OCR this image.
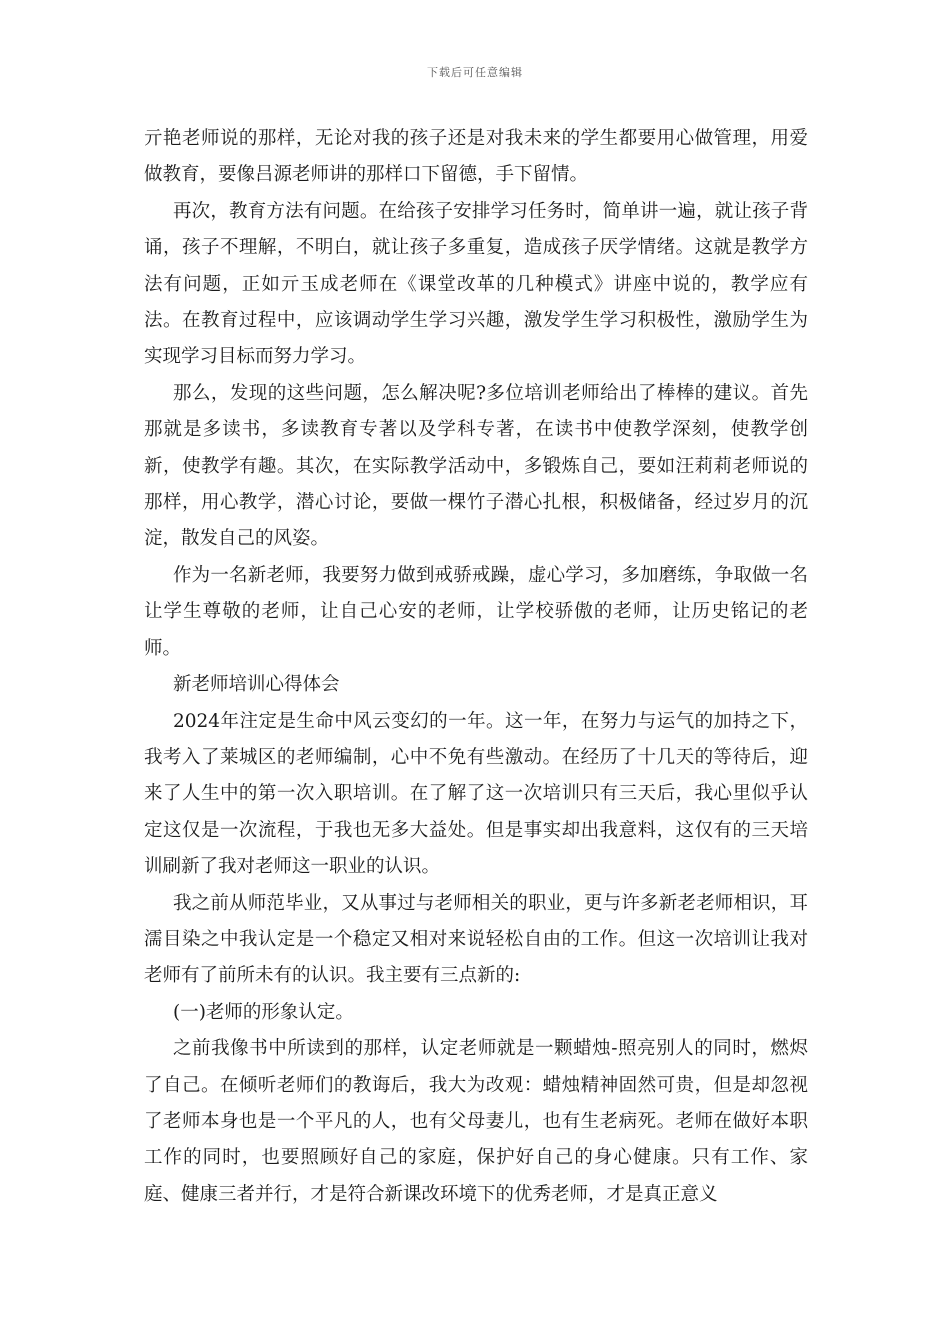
下载后可任意编辑

亓艳老师说的那样，无论对我的孩子还是对我未来的学生都要用心做管理，用爱做教育，要像吕源老师讲的那样口下留德，手下留情。

再次，教育方法有问题。在给孩子安排学习任务时，简单讲一遍，就让孩子背诵，孩子不理解，不明白，就让孩子多重复，造成孩子厌学情绪。这就是教学方法有问题，正如亓玉成老师在《课堂改革的几种模式》讲座中说的，教学应有法。在教育过程中，应该调动学生学习兴趣，激发学生学习积极性，激励学生为实现学习目标而努力学习。

那么，发现的这些问题，怎么解决呢?多位培训老师给出了棒棒的建议。首先那就是多读书，多读教育专著以及学科专著，在读书中使教学深刻，使教学创新，使教学有趣。其次，在实际教学活动中，多锻炼自己，要如汪莉莉老师说的那样，用心教学，潜心讨论，要做一棵竹子潜心扎根，积极储备，经过岁月的沉淀，散发自己的风姿。

作为一名新老师，我要努力做到戒骄戒躁，虚心学习，多加磨练，争取做一名让学生尊敬的老师，让自己心安的老师，让学校骄傲的老师，让历史铭记的老师。

新老师培训心得体会

2024年注定是生命中风云变幻的一年。这一年，在努力与运气的加持之下，我考入了莱城区的老师编制，心中不免有些激动。在经历了十几天的等待后，迎来了人生中的第一次入职培训。在了解了这一次培训只有三天后，我心里似乎认定这仅是一次流程，于我也无多大益处。但是事实却出我意料，这仅有的三天培训刷新了我对老师这一职业的认识。

我之前从师范毕业，又从事过与老师相关的职业，更与许多新老老师相识，耳濡目染之中我认定是一个稳定又相对来说轻松自由的工作。但这一次培训让我对老师有了前所未有的认识。我主要有三点新的:

(一)老师的形象认定。

之前我像书中所读到的那样，认定老师就是一颗蜡烛-照亮别人的同时，燃烬了自己。在倾听老师们的教诲后，我大为改观：蜡烛精神固然可贵，但是却忽视了老师本身也是一个平凡的人，也有父母妻儿，也有生老病死。老师在做好本职工作的同时，也要照顾好自己的家庭，保护好自己的身心健康。只有工作、家庭、健康三者并行，才是符合新课改环境下的优秀老师，才是真正意义
